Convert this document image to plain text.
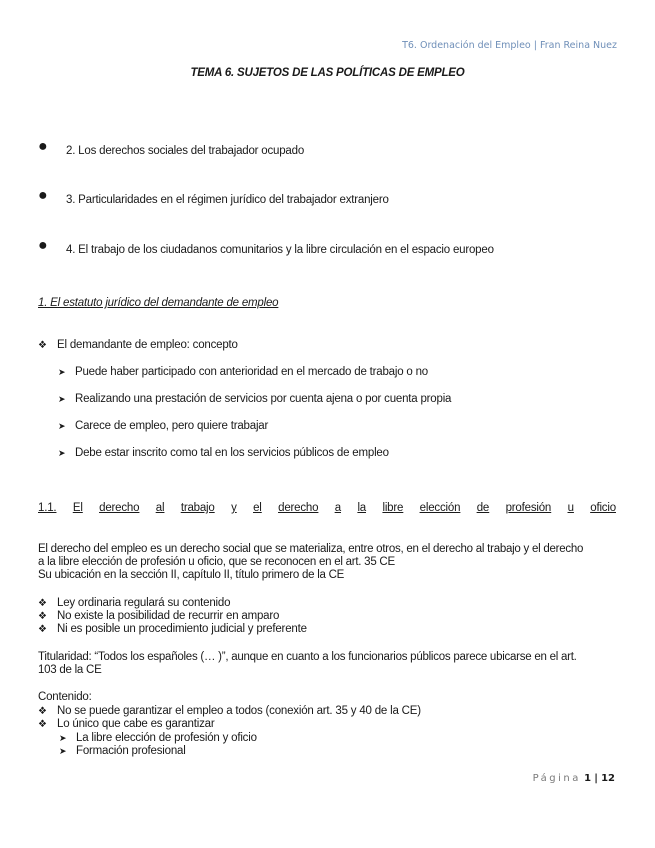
T6. Ordenación del Empleo | Fran Reina Nuez
TEMA 6. SUJETOS DE LAS POLÍTICAS DE EMPLEO
● 2. Los derechos sociales del trabajador ocupado
● 3. Particularidades en el régimen jurídico del trabajador extranjero
● 4. El trabajo de los ciudadanos comunitarios y la libre circulación en el espacio europeo
1. El estatuto jurídico del demandante de empleo
❖ El demandante de empleo: concepto
➤ Puede haber participado con anterioridad en el mercado de trabajo o no
➤ Realizando una prestación de servicios por cuenta ajena o por cuenta propia
➤ Carece de empleo, pero quiere trabajar
➤ Debe estar inscrito como tal en los servicios públicos de empleo
1.1. El derecho al trabajo y el derecho a la libre elección de profesión u oficio
El derecho del empleo es un derecho social que se materializa, entre otros, en el derecho al trabajo y el derecho
a la libre elección de profesión u oficio, que se reconocen en el art. 35 CE
Su ubicación en la sección II, capítulo II, título primero de la CE
❖ Ley ordinaria regulará su contenido
❖ No existe la posibilidad de recurrir en amparo
❖ Ni es posible un procedimiento judicial y preferente
Titularidad: “Todos los españoles (… )”, aunque en cuanto a los funcionarios públicos parece ubicarse en el art.
103 de la CE
Contenido:
❖ No se puede garantizar el empleo a todos (conexión art. 35 y 40 de la CE)
❖ Lo único que cabe es garantizar
➤ La libre elección de profesión y oficio
➤ Formación profesional
Página 1 | 12
